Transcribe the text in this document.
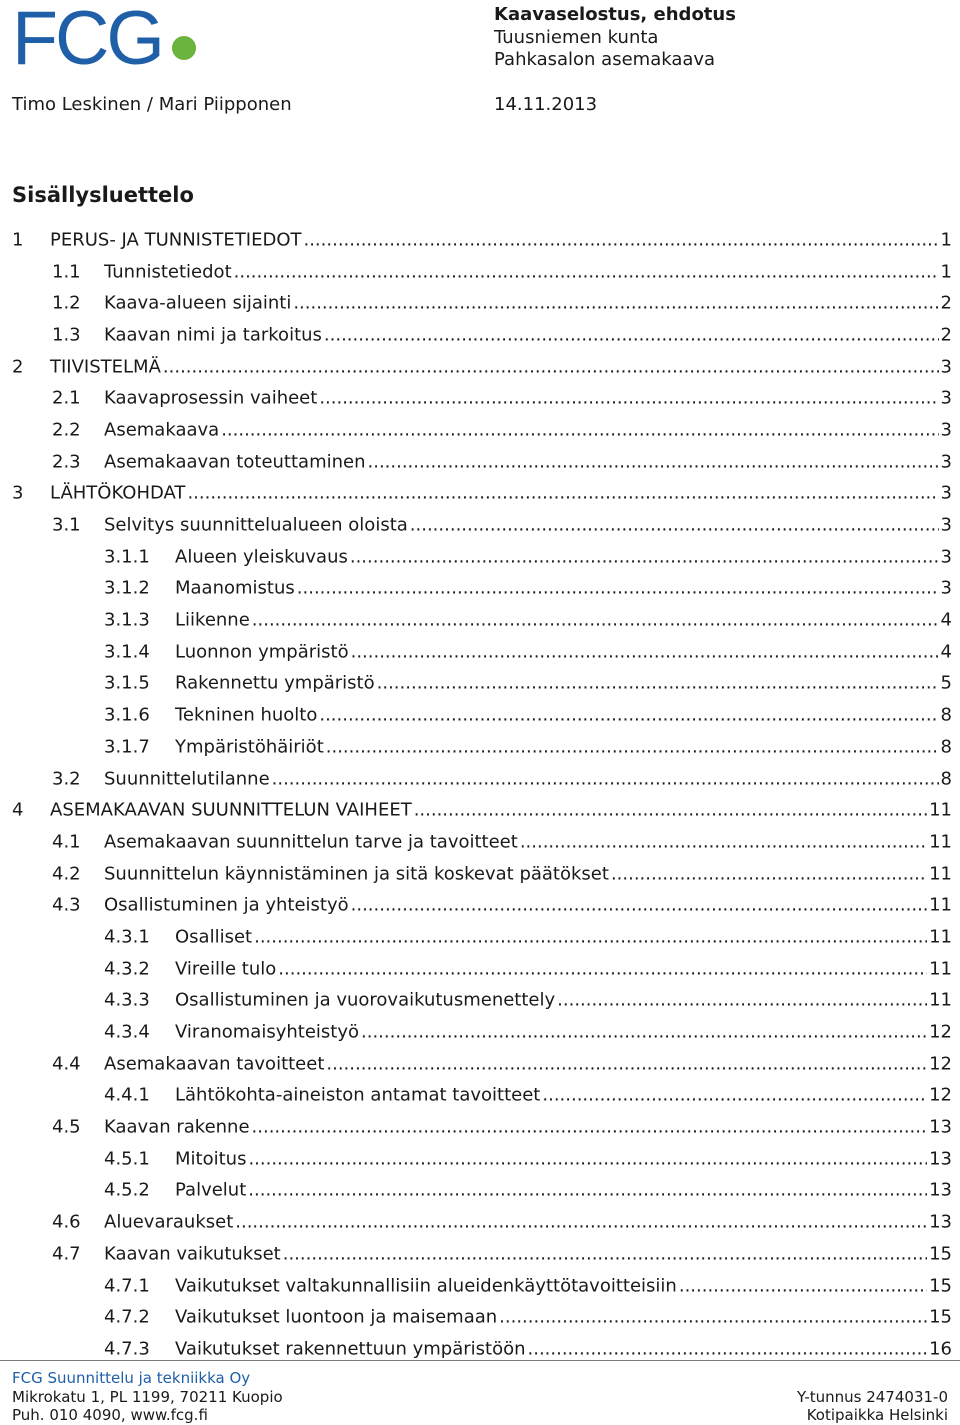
FCG	Kaavaselostus, ehdotus
Tuusniemen kunta
Pahkasalon asemakaava
Timo Leskinen / Mari Piipponen	14.11.2013
Sisällysluettelo
1 PERUS- JA TUNNISTETIEDOT .....	1
1.1 Tunnistetiedot .....	1
1.2 Kaava-alueen sijainti .....	2
1.3 Kaavan nimi ja tarkoitus .....	2
2 TIIVISTELMÄ .....	3
2.1 Kaavaprosessin vaiheet .....	3
2.2 Asemakaava .....	3
2.3 Asemakaavan toteuttaminen .....	3
3 LÄHTÖKOHDAT .....	3
3.1 Selvitys suunnittelualueen oloista .....	3
3.1.1 Alueen yleiskuvaus .....	3
3.1.2 Maanomistus .....	3
3.1.3 Liikenne .....	4
3.1.4 Luonnon ympäristö .....	4
3.1.5 Rakennettu ympäristö .....	5
3.1.6 Tekninen huolto .....	8
3.1.7 Ympäristöhäiriöt .....	8
3.2 Suunnittelutilanne .....	8
4 ASEMAKAAVAN SUUNNITTELUN VAIHEET .....	11
4.1 Asemakaavan suunnittelun tarve ja tavoitteet .....	11
4.2 Suunnittelun käynnistäminen ja sitä koskevat päätökset .....	11
4.3 Osallistuminen ja yhteistyö .....	11
4.3.1 Osalliset .....	11
4.3.2 Vireille tulo .....	11
4.3.3 Osallistuminen ja vuorovaikutusmenettely .....	11
4.3.4 Viranomaisyhteistyö .....	12
4.4 Asemakaavan tavoitteet .....	12
4.4.1 Lähtökohta-aineiston antamat tavoitteet .....	12
4.5 Kaavan rakenne .....	13
4.5.1 Mitoitus .....	13
4.5.2 Palvelut .....	13
4.6 Aluevaraukset .....	13
4.7 Kaavan vaikutukset .....	15
4.7.1 Vaikutukset valtakunnallisiin alueidenkäyttötavoitteisiin .....	15
4.7.2 Vaikutukset luontoon ja maisemaan .....	15
4.7.3 Vaikutukset rakennettuun ympäristöön .....	16
FCG Suunnittelu ja tekniikka Oy
Mikrokatu 1, PL 1199, 70211 Kuopio
Puh. 010 4090, www.fcg.fi
Y-tunnus 2474031-0
Kotipaikka Helsinki
